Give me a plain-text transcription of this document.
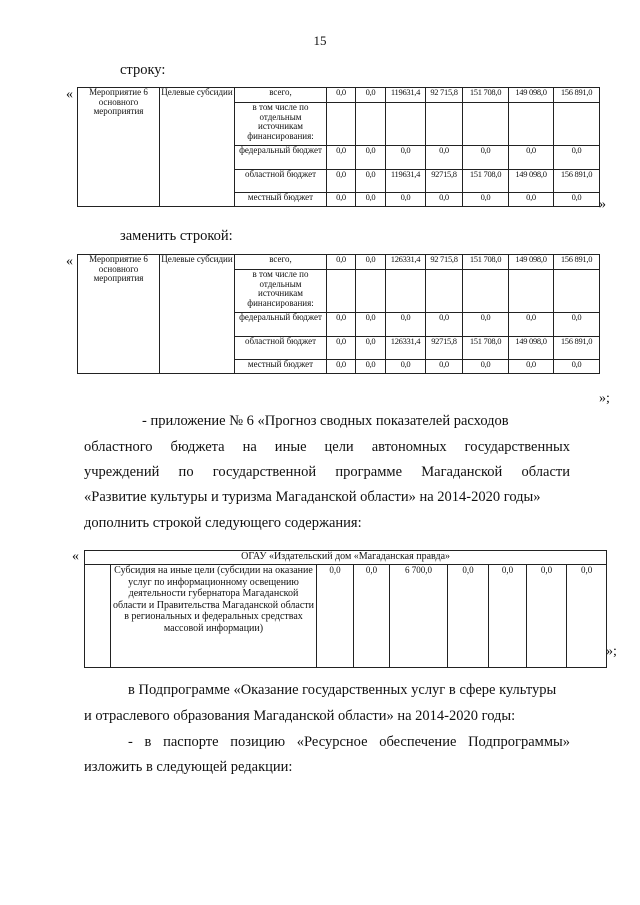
15
строку:
« Мероприятие 6 основного мероприятия	Целевые субсидии	всего,	0,0	0,0	119631,4	92 715,8	151 708,0	149 098,0	156 891,0
		в том числе по отдельным источникам финансирования:							
		федеральный бюджет	0,0	0,0	0,0	0,0	0,0	0,0	0,0
		областной бюджет	0,0	0,0	119631,4	92715,8	151 708,0	149 098,0	156 891,0
		местный бюджет	0,0	0,0	0,0	0,0	0,0	0,0	0,0 »
заменить строкой:
« Мероприятие 6 основного мероприятия	Целевые субсидии	всего,	0,0	0,0	126331,4	92 715,8	151 708,0	149 098,0	156 891,0
		в том числе по отдельным источникам финансирования:							
		федеральный бюджет	0,0	0,0	0,0	0,0	0,0	0,0	0,0
		областной бюджет	0,0	0,0	126331,4	92715,8	151 708,0	149 098,0	156 891,0
		местный бюджет	0,0	0,0	0,0	0,0	0,0	0,0	0,0
»;
- приложение № 6 «Прогноз сводных показателей расходов
областного бюджета на иные цели автономных государственных
учреждений по государственной программе Магаданской области
«Развитие культуры и туризма Магаданской области» на 2014-2020 годы»
дополнить строкой следующего содержания:
«	ОГАУ «Издательский дом «Магаданская правда»
	Субсидия на иные цели (субсидии на оказание услуг по информационному освещению деятельности губернатора Магаданской области и Правительства Магаданской области в региональных и федеральных средствах массовой информации)	0,0	0,0	6 700,0	0,0	0,0	0,0	0,0
»;
в Подпрограмме «Оказание государственных услуг в сфере культуры
и отраслевого образования Магаданской области» на 2014-2020 годы:
- в паспорте позицию «Ресурсное обеспечение Подпрограммы»
изложить в следующей редакции:
